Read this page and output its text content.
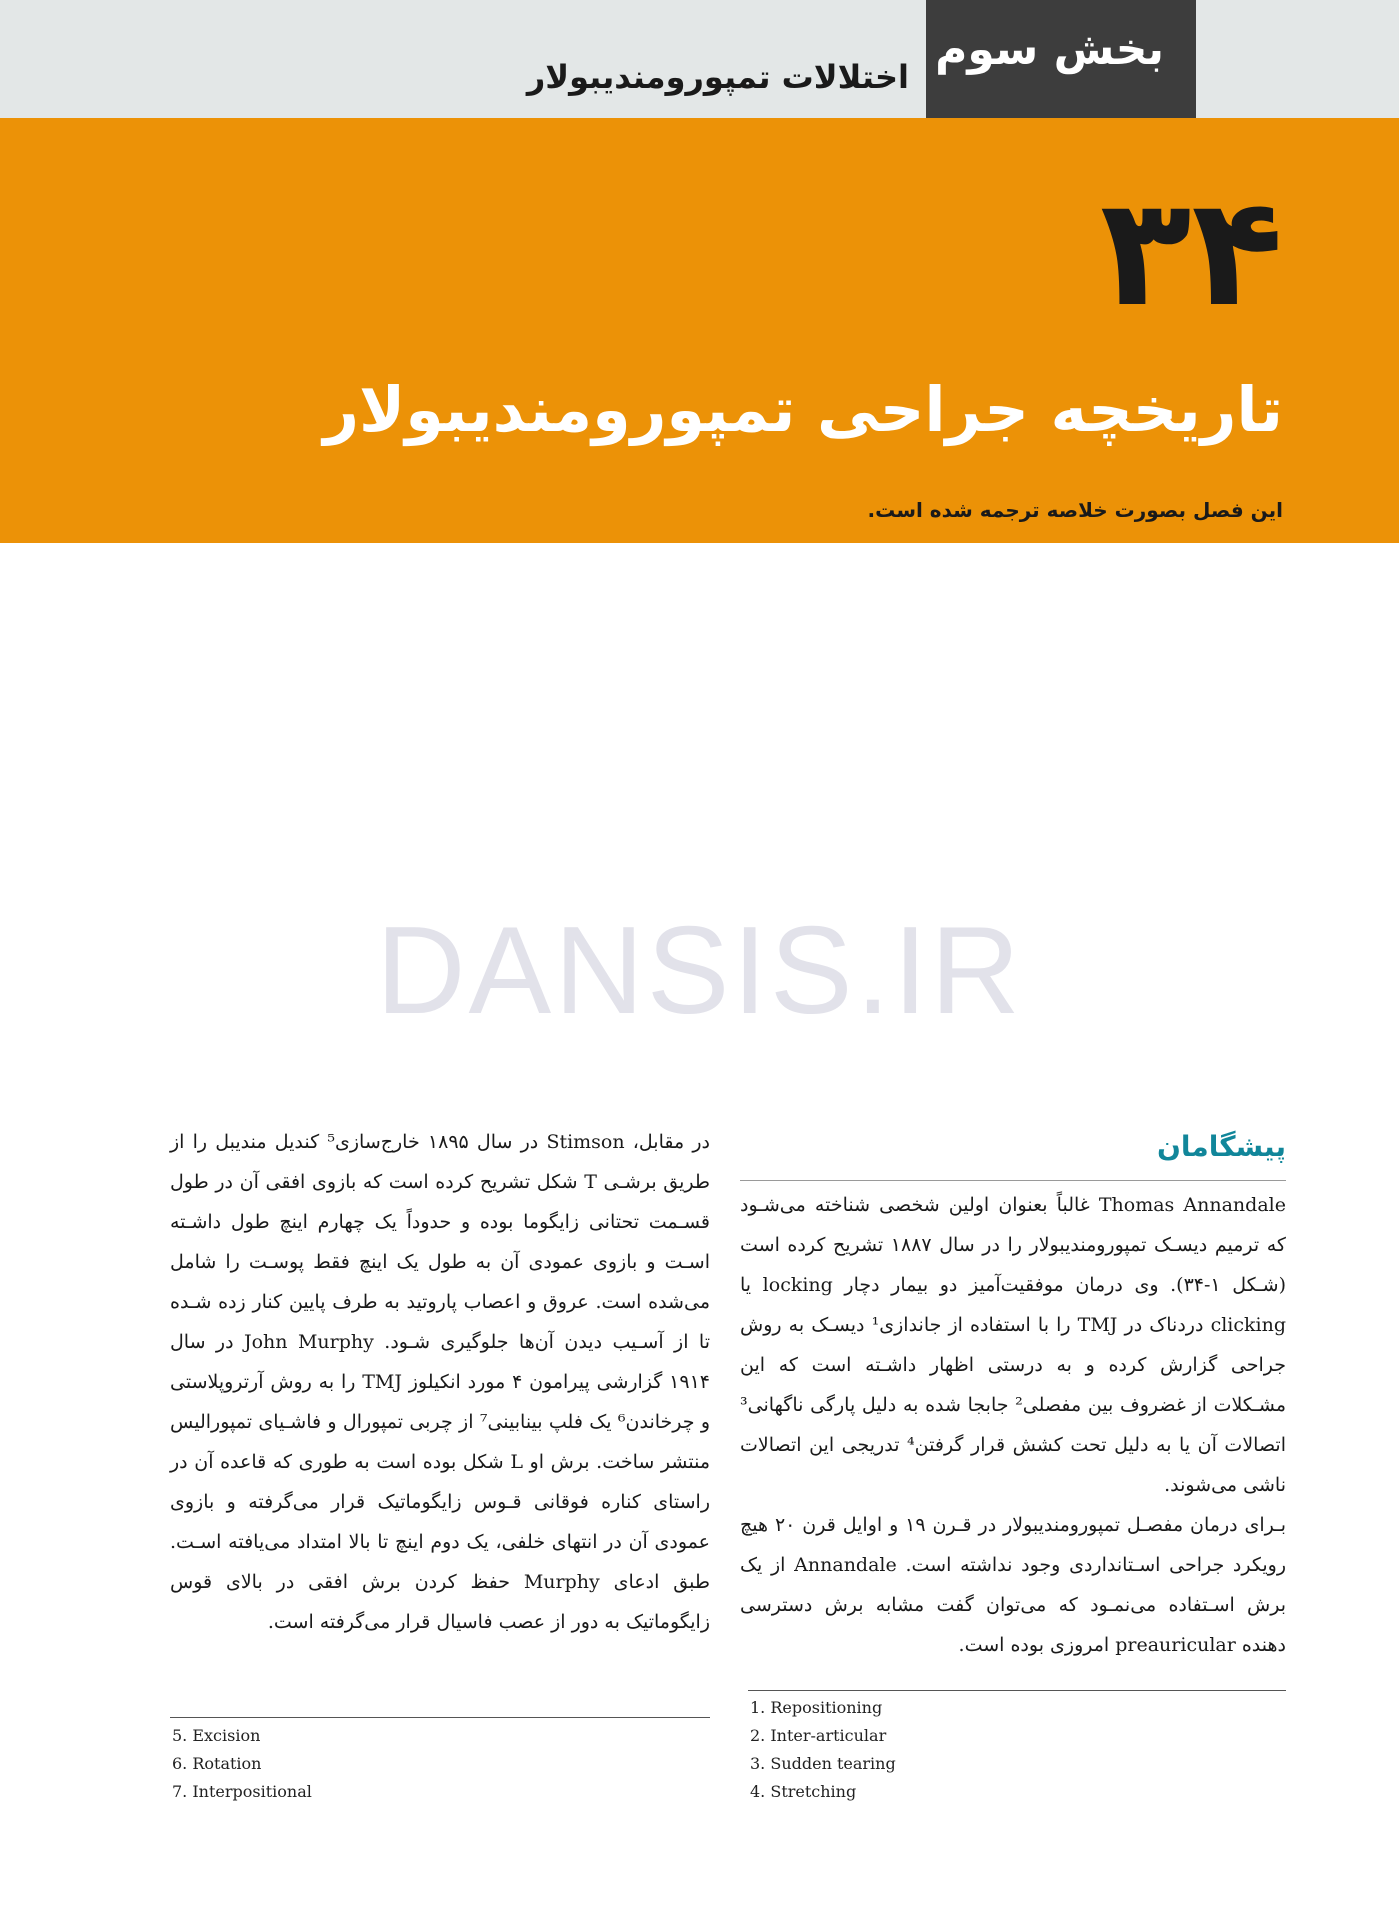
اختلالات تمپورومندیبولار
بخش سوم
۳۴
تاریخچه جراحی تمپورومندیبولار
این فصل بصورت خلاصه ترجمه شده است.
DANSIS.IR
پیشگامان

Thomas Annandale غالباً بعنوان اولین شخصی شناخته می‌شـود که ترمیم دیسـک تمپورومندیبولار را در سال ۱۸۸۷ تشریح کرده است (شـکل ۱-۳۴). وی درمان موفقیت‌آمیز دو بیمار دچار locking یا clicking دردناک در TMJ را با استفاده از جاندازی¹ دیسـک به روش جراحی گزارش کرده و به درستی اظهار داشـته است که این مشـکلات از غضروف بین مفصلی² جابجا شده به دلیل پارگی ناگهانی³ اتصالات آن یا به دلیل تحت کشش قرار گرفتن⁴ تدریجی این اتصالات ناشی می‌شوند.

بـرای درمان مفصـل تمپورومندیبولار در قـرن ۱۹ و اوایل قرن ۲۰ هیچ رویکرد جراحی اسـتانداردی وجود نداشته است. Annandale از یک برش اسـتفاده می‌نمـود که می‌توان گفت مشابه برش دسترسی دهنده preauricular امروزی بوده است.

در مقابل، Stimson در سال ۱۸۹۵ خارج‌سازی⁵ کندیل مندیبل را از طریق برشـی T شکل تشریح کرده است که بازوی افقی آن در طول قسـمت تحتانی زایگوما بوده و حدوداً یک چهارم اینچ طول داشـته اسـت و بازوی عمودی آن به طول یک اینچ فقط پوسـت را شامل می‌شده است. عروق و اعصاب پاروتید به طرف پایین کنار زده شـده تا از آسـیب دیدن آن‌ها جلوگیری شـود. John Murphy در سال ۱۹۱۴ گزارشی پیرامون ۴ مورد انکیلوز TMJ را به روش آرتروپلاستی و چرخاندن⁶ یک فلپ بینابینی⁷ از چربی تمپورال و فاشـیای تمپورالیس منتشر ساخت. برش او L شکل بوده است به طوری که قاعده آن در راستای کناره فوقانی قـوس زایگوماتیک قرار می‌گرفته و بازوی عمودی آن در انتهای خلفی، یک دوم اینچ تا بالا امتداد می‌یافته اسـت. طبق ادعای Murphy حفظ کردن برش افقی در بالای قوس زایگوماتیک به دور از عصب فاسیال قرار می‌گرفته است.

1. Repositioning
2. Inter-articular
3. Sudden tearing
4. Stretching
5. Excision
6. Rotation
7. Interpositional
